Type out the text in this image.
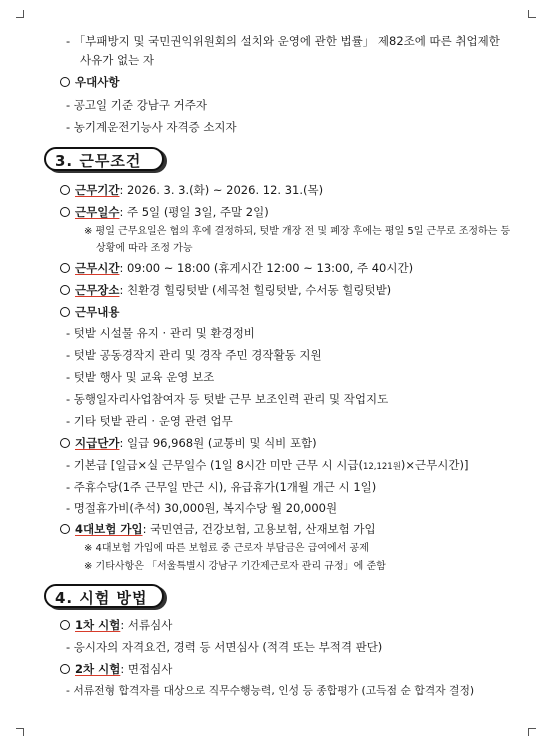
- 「부패방지 및 국민권익위원회의 설치와 운영에 관한 법률」 제82조에 따른 취업제한
사유가 없는 자
우대사항
- 공고일 기준 강남구 거주자
- 농기계운전기능사 자격증 소지자
3. 근무조건
근무기간: 2026. 3. 3.(화) ~ 2026. 12. 31.(목)
근무일수: 주 5일 (평일 3일, 주말 2일)
※ 평일 근무요일은 협의 후에 결정하되, 텃밭 개장 전 및 폐장 후에는 평일 5일 근무로 조정하는 등
상황에 따라 조정 가능
근무시간: 09:00 ~ 18:00 (휴게시간 12:00 ~ 13:00, 주 40시간)
근무장소: 친환경 힐링텃밭 (세곡천 힐링텃밭, 수서동 힐링텃밭)
근무내용
- 텃밭 시설물 유지 · 관리 및 환경정비
- 텃밭 공동경작지 관리 및 경작 주민 경작활동 지원
- 텃밭 행사 및 교육 운영 보조
- 동행일자리사업참여자 등 텃밭 근무 보조인력 관리 및 작업지도
- 기타 텃밭 관리 · 운영 관련 업무
지급단가: 일급 96,968원 (교통비 및 식비 포함)
- 기본급 [일급×실 근무일수 (1일 8시간 미만 근무 시 시급(12,121원)×근무시간)]
- 주휴수당(1주 근무일 만근 시), 유급휴가(1개월 개근 시 1일)
- 명절휴가비(추석) 30,000원, 복지수당 월 20,000원
4대보험 가입: 국민연금, 건강보험, 고용보험, 산재보험 가입
※ 4대보험 가입에 따른 보험료 중 근로자 부담금은 급여에서 공제
※ 기타사항은 「서울특별시 강남구 기간제근로자 관리 규정」에 준함
4. 시험 방법
1차 시험: 서류심사
- 응시자의 자격요건, 경력 등 서면심사 (적격 또는 부적격 판단)
2차 시험: 면접심사
- 서류전형 합격자를 대상으로 직무수행능력, 인성 등 종합평가 (고득점 순 합격자 결정)
